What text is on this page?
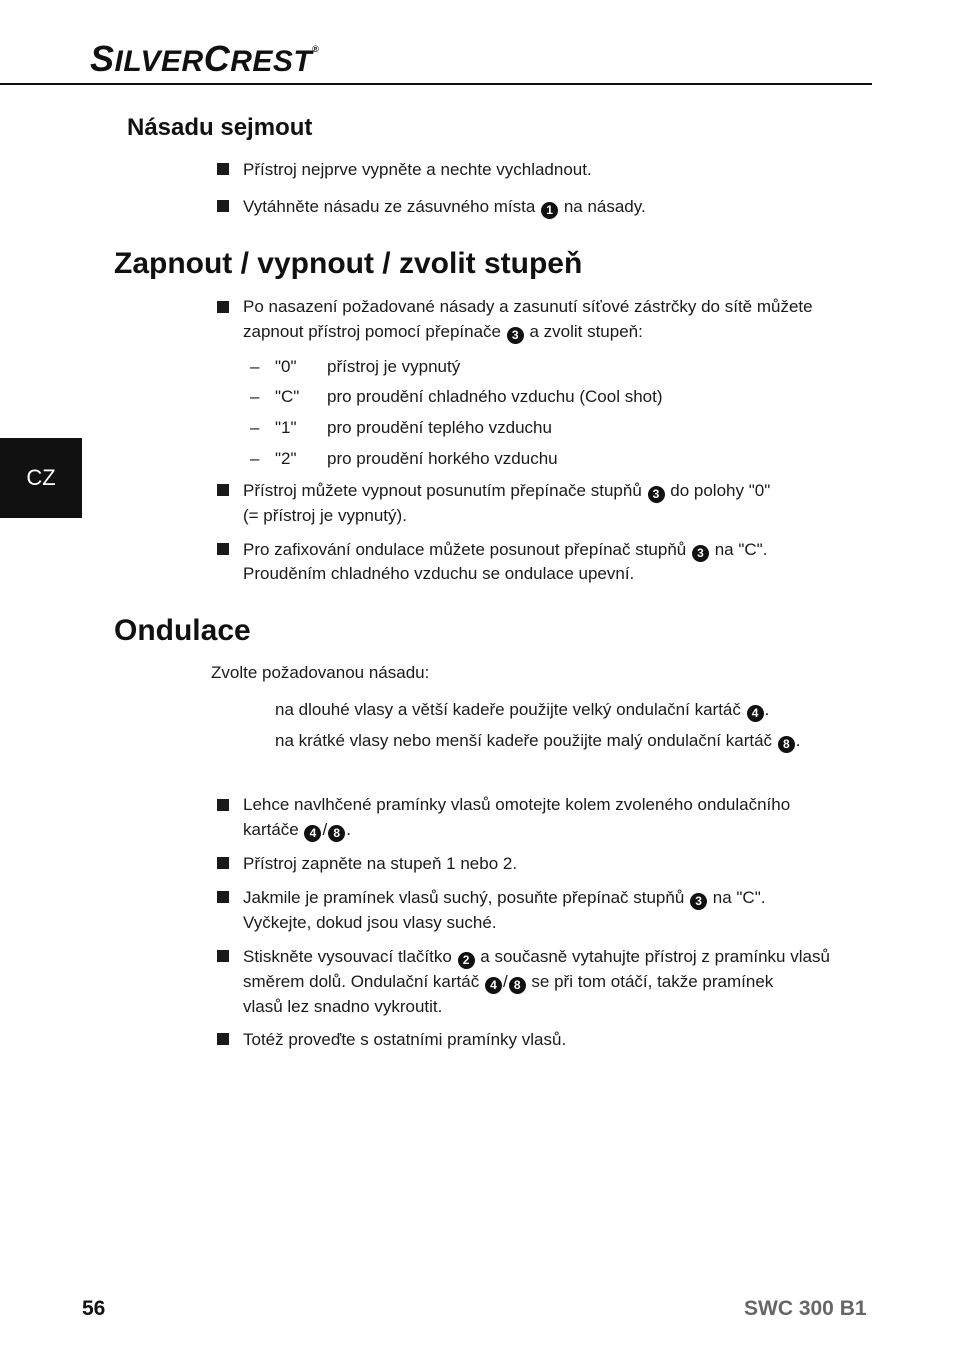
SILVERCREST®
CZ
Násadu sejmout
Přístroj nejprve vypněte a nechte vychladnout.
Vytáhněte násadu ze zásuvného místa 1 na násady.
Zapnout / vypnout / zvolit stupeň
Po nasazení požadované násady a zasunutí síťové zástrčky do sítě můžete
zapnout přístroj pomocí přepínače 3 a zvolit stupeň:
– "0" přístroj je vypnutý
– "C" pro proudění chladného vzduchu (Cool shot)
– "1" pro proudění teplého vzduchu
– "2" pro proudění horkého vzduchu
Přístroj můžete vypnout posunutím přepínače stupňů 3 do polohy "0"
(= přístroj je vypnutý).
Pro zafixování ondulace můžete posunout přepínač stupňů 3 na "C".
Prouděním chladného vzduchu se ondulace upevní.
Ondulace
Zvolte požadovanou násadu:
na dlouhé vlasy a větší kadeře použijte velký ondulační kartáč 4 .
na krátké vlasy nebo menší kadeře použijte malý ondulační kartáč 8 .
Lehce navlhčené pramínky vlasů omotejte kolem zvoleného ondulačního
kartáče 4 / 8 .
Přístroj zapněte na stupeň 1 nebo 2.
Jakmile je pramínek vlasů suchý, posuňte přepínač stupňů 3 na "C".
Vyčkejte, dokud jsou vlasy suché.
Stiskněte vysouvací tlačítko 2 a současně vytahujte přístroj z pramínku vlasů
směrem dolů. Ondulační kartáč 4 / 8 se při tom otáčí, takže pramínek
vlasů lez snadno vykroutit.
Totéž proveďte s ostatními pramínky vlasů.
56	SWC 300 B1
